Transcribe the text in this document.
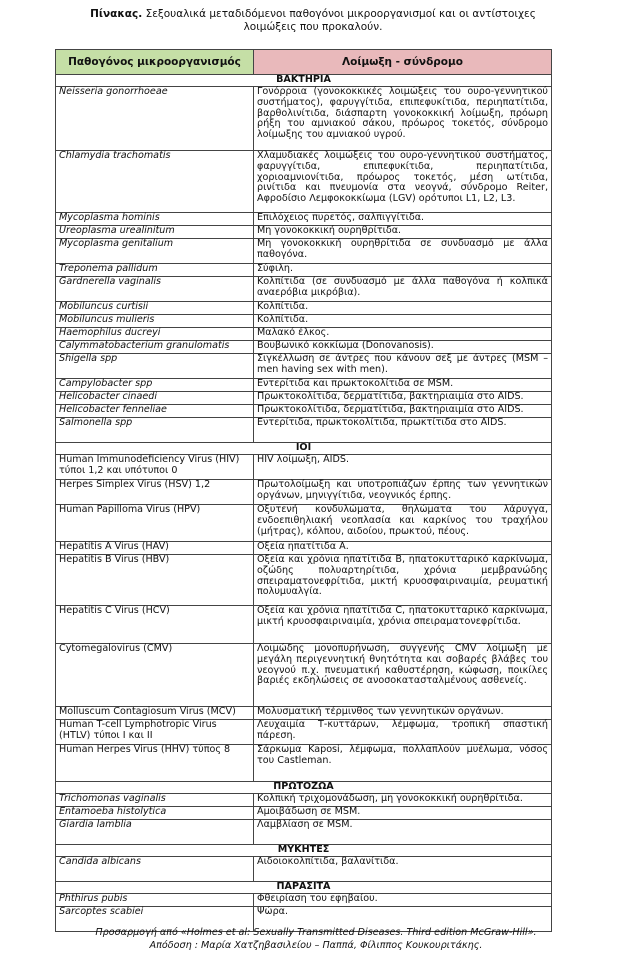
Πίνακας. Σεξουαλικά μεταδιδόμενοι παθογόνοι μικροοργανισμοί και οι αντίστοιχες λοιμώξεις που προκαλούν.
Παθογόνος μικροοργανισμός	Λοίμωξη - σύνδρομο
ΒΑΚΤΗΡΙΑ	
Neisseria gonorrhoeae	Γονόρροια (γονοκοκκικές λοιμώξεις του ουρο-γεννητικού συστήματος), φαρυγγίτιδα, επιπεφυκίτιδα, περιηπατίτιδα, βαρθολινίτιδα, διάσπαρτη γονοκοκκική λοίμωξη, πρόωρη ρήξη του αμνιακού σάκου, πρόωρος τοκετός, σύνδρομο λοίμωξης του αμνιακού υγρού.
Chlamydia trachomatis	Χλαμυδιακές λοιμώξεις του ουρο-γεννητικού συστήματος, φαρυγγίτιδα, επιπεφυκίτιδα, περιηπατίτιδα, χοριοαμνιονίτιδα, πρόωρος τοκετός, μέση ωτίτιδα, ρινίτιδα και πνευμονία στα νεογνά, σύνδρομο Reiter, Αφροδίσιο Λεμφοκοκκίωμα (LGV) ορότυποι L1, L2, L3.
Mycoplasma hominis	Επιλόχειος πυρετός, σαλπιγγίτιδα.
Ureoplasma urealinitum	Μη γονοκοκκική ουρηθρίτιδα.
Mycoplasma genitalium	Μη γονοκοκκική ουρηθρίτιδα σε συνδυασμό με άλλα παθογόνα.
Treponema pallidum	Σύφιλη.
Gardnerella vaginalis	Κολπίτιδα (σε συνδυασμό με άλλα παθογόνα ή κολπικά αναερόβια μικρόβια).
Mobiluncus curtisii	Κολπίτιδα.
Mobiluncus mulieris	Κολπίτιδα.
Haemophilus ducreyi	Μαλακό έλκος.
Calymmatobacterium granulomatis	Βουβωνικό κοκκίωμα (Donovanosis).
Shigella spp	Σιγκέλλωση σε άντρες που κάνουν σεξ με άντρες (MSM – men having sex with men).
Campylobacter spp	Εντερίτιδα και πρωκτοκολίτιδα σε MSM.
Helicobacter cinaedi	Πρωκτοκολίτιδα, δερματίτιδα, βακτηριαιμία στο AIDS.
Helicobacter fenneliae	Πρωκτοκολίτιδα, δερματίτιδα, βακτηριαιμία στο AIDS.
Salmonella spp	Εντερίτιδα, πρωκτοκολίτιδα, πρωκτίτιδα στο AIDS.
ΙΟΙ	
Human Immunodeficiency Virus (HIV) τύποι 1,2 και υπότυποι 0	HIV λοίμωξη, AIDS.
Herpes Simplex Virus (HSV) 1,2	Πρωτολοίμωξη και υποτροπιάζων έρπης των γεννητικών οργάνων, μηνιγγίτιδα, νεογνικός έρπης.
Human Papilloma Virus (HPV)	Οξυτενή κονδυλώματα, θηλώματα του λάρυγγα, ενδοεπιθηλιακή νεοπλασία και καρκίνος του τραχήλου (μήτρας), κόλπου, αιδοίου, πρωκτού, πέους.
Hepatitis A Virus (HAV)	Οξεία ηπατίτιδα Α.
Hepatitis B Virus (HBV)	Οξεία και χρόνια ηπατίτιδα Β, ηπατοκυτταρικό καρκίνωμα, οζώδης πολυαρτηρίτιδα, χρόνια μεμβρανώδης σπειραματονεφρίτιδα, μικτή κρυοσφαιριναιμία, ρευματική πολυμυαλγία.
Hepatitis C Virus (HCV)	Οξεία και χρόνια ηπατίτιδα C, ηπατοκυτταρικό καρκίνωμα, μικτή κρυοσφαιριναιμία, χρόνια σπειραματονεφρίτιδα.
Cytomegalovirus (CMV)	Λοιμώδης μονοπυρήνωση, συγγενής CMV λοίμωξη με μεγάλη περιγεννητική θνητότητα και σοβαρές βλάβες του νεογνού π.χ. πνευματική καθυστέρηση, κώφωση, ποικίλες βαριές εκδηλώσεις σε ανοσοκατασταλμένους ασθενείς.
Molluscum Contagiosum Virus (MCV)	Μολυσματική τέρμινθος των γεννητικών οργάνων.
Human T-cell Lymphotropic Virus (HTLV) τύποι Ι και ΙΙ	Λευχαιμία Τ-κυττάρων, λέμφωμα, τροπική σπαστική πάρεση.
Human Herpes Virus (HHV) τύπος 8	Σάρκωμα Kaposi, λέμφωμα, πολλαπλούν μυέλωμα, νόσος του Castleman.
ΠΡΩΤΟΖΩΑ	
Trichomonas vaginalis	Κολπική τριχομονάδωση, μη γονοκοκκική ουρηθρίτιδα.
Entamoeba histolytica	Αμοιβάδωση σε MSM.
Giardia lamblia	Λαμβλίαση σε MSM.
ΜΥΚΗΤΕΣ	
Candida albicans	Αιδοιοκολπίτιδα, βαλανίτιδα.
ΠΑΡΑΣΙΤΑ	
Phthirus pubis	Φθειρίαση του εφηβαίου.
Sarcoptes scabiei	Ψώρα.
Προσαρμογή από «Holmes et al: Sexually Transmitted Diseases. Third edition McGraw-Hill».
Απόδοση : Μαρία Χατζηβασιλείου – Παππά, Φίλιππος Κουκουριτάκης.
